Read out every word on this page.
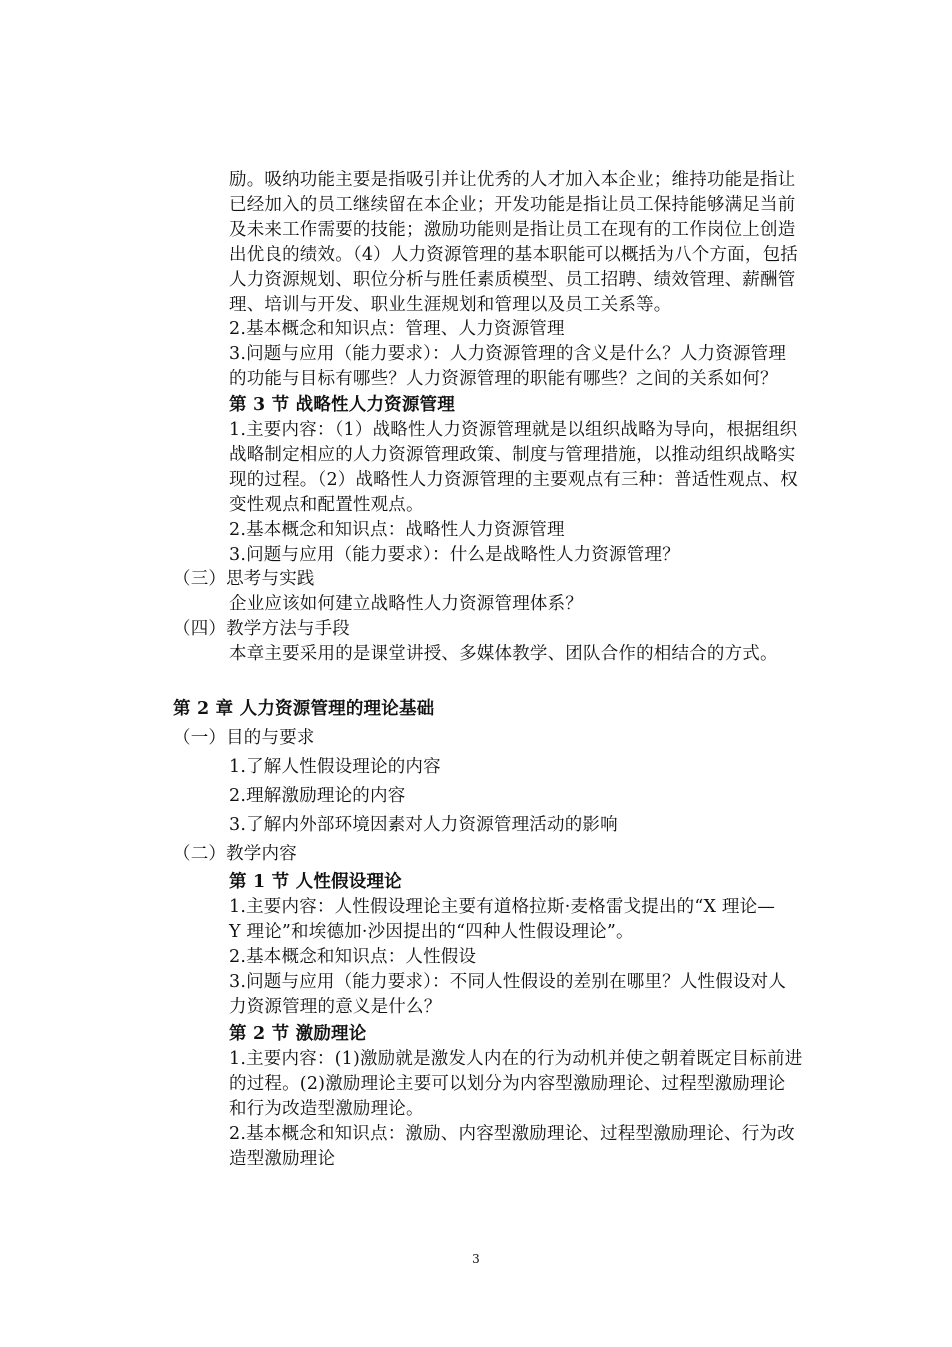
励。吸纳功能主要是指吸引并让优秀的人才加入本企业；维持功能是指让
已经加入的员工继续留在本企业；开发功能是指让员工保持能够满足当前
及未来工作需要的技能；激励功能则是指让员工在现有的工作岗位上创造
出优良的绩效。（4）人力资源管理的基本职能可以概括为八个方面，包括
人力资源规划、职位分析与胜任素质模型、员工招聘、绩效管理、薪酬管
理、培训与开发、职业生涯规划和管理以及员工关系等。
2.基本概念和知识点：管理、人力资源管理
3.问题与应用（能力要求）：人力资源管理的含义是什么？人力资源管理
的功能与目标有哪些？人力资源管理的职能有哪些？之间的关系如何？
第 3 节 战略性人力资源管理
1.主要内容：（1）战略性人力资源管理就是以组织战略为导向，根据组织
战略制定相应的人力资源管理政策、制度与管理措施，以推动组织战略实
现的过程。（2）战略性人力资源管理的主要观点有三种：普适性观点、权
变性观点和配置性观点。
2.基本概念和知识点：战略性人力资源管理
3.问题与应用（能力要求）：什么是战略性人力资源管理？
（三）思考与实践
企业应该如何建立战略性人力资源管理体系？
（四）教学方法与手段
本章主要采用的是课堂讲授、多媒体教学、团队合作的相结合的方式。
第 2 章 人力资源管理的理论基础
（一）目的与要求
1.了解人性假设理论的内容
2.理解激励理论的内容
3.了解内外部环境因素对人力资源管理活动的影响
（二）教学内容
第 1 节 人性假设理论
1.主要内容：人性假设理论主要有道格拉斯·麦格雷戈提出的“X 理论—
Y 理论”和埃德加·沙因提出的“四种人性假设理论”。
2.基本概念和知识点：人性假设
3.问题与应用（能力要求）：不同人性假设的差别在哪里？人性假设对人
力资源管理的意义是什么？
第 2 节 激励理论
1.主要内容：(1)激励就是激发人内在的行为动机并使之朝着既定目标前进
的过程。(2)激励理论主要可以划分为内容型激励理论、过程型激励理论
和行为改造型激励理论。
2.基本概念和知识点：激励、内容型激励理论、过程型激励理论、行为改
造型激励理论
3
